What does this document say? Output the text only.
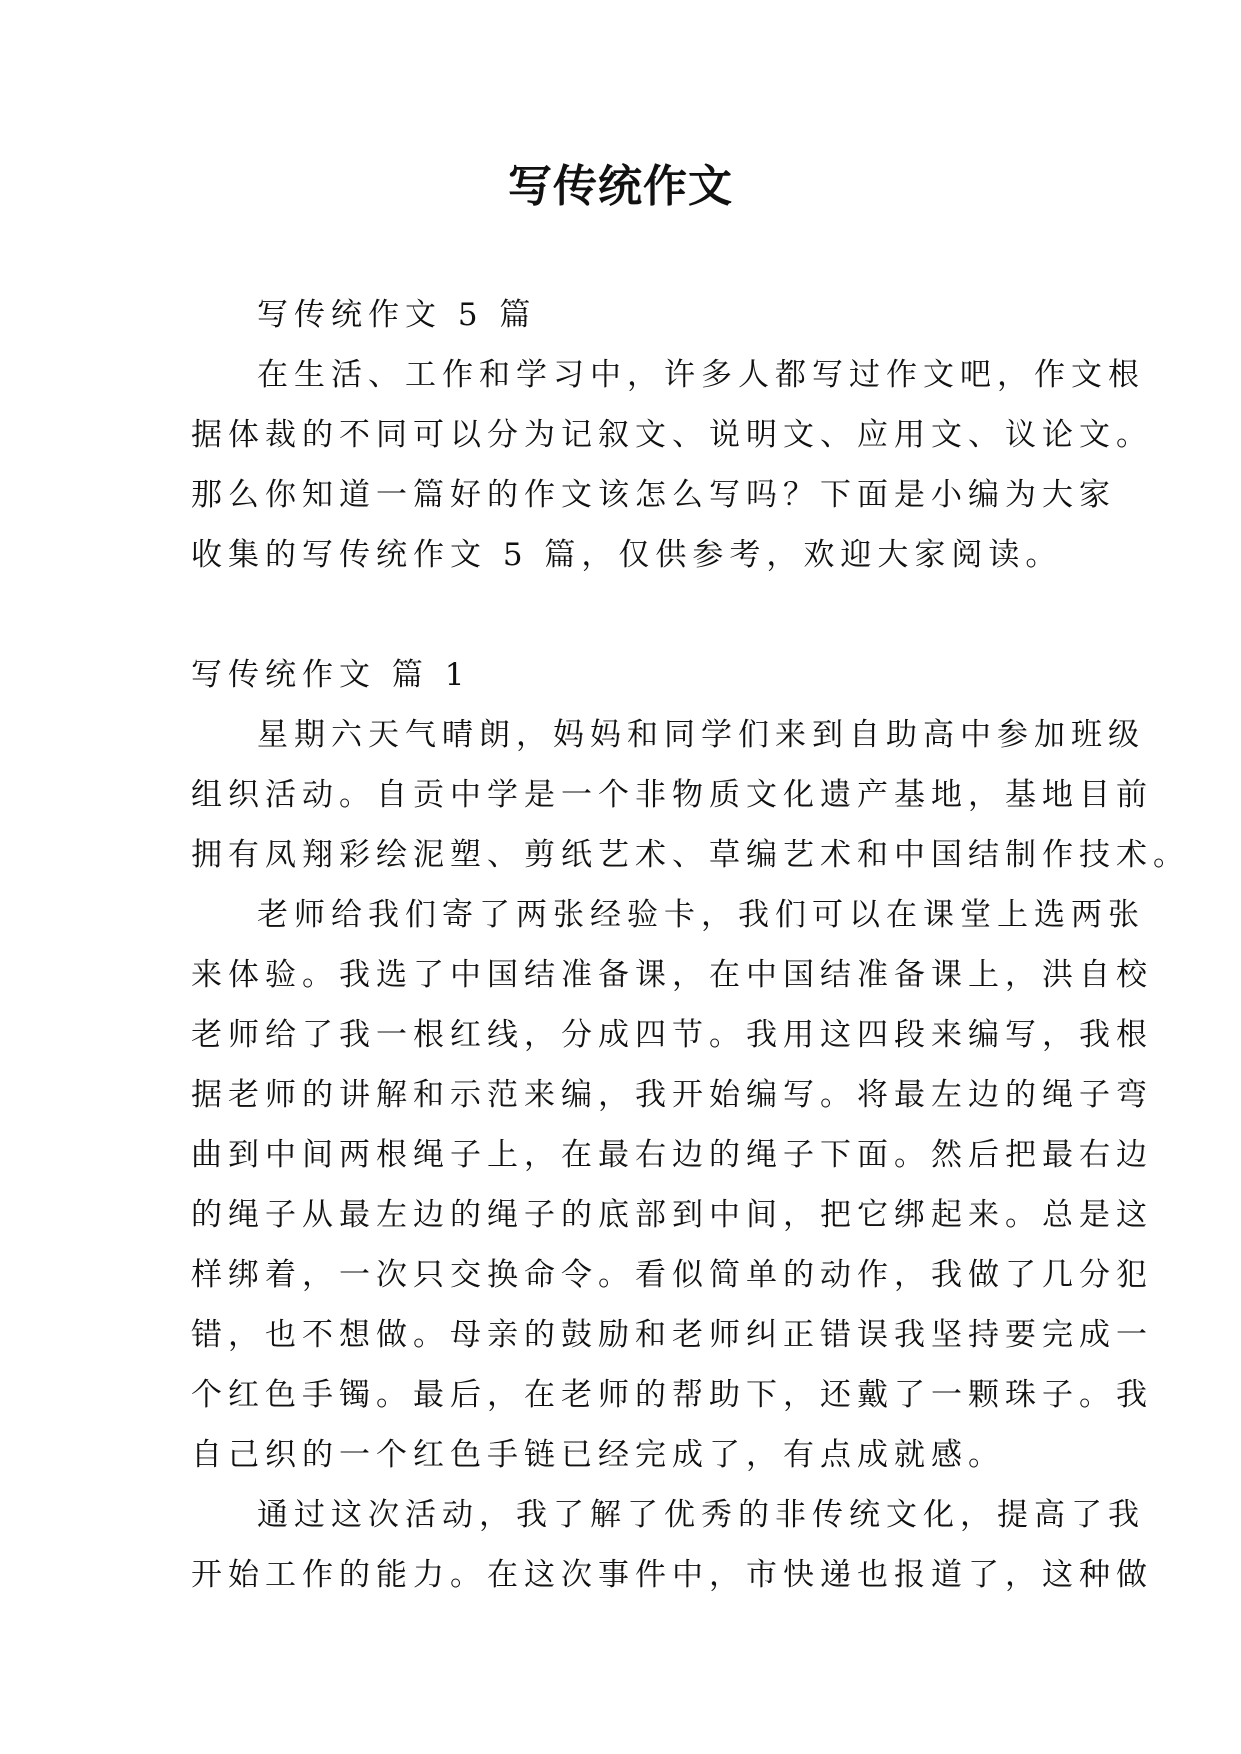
写传统作文

写传统作文 5 篇

在生活、工作和学习中，许多人都写过作文吧，作文根

据体裁的不同可以分为记叙文、说明文、应用文、议论文。

那么你知道一篇好的作文该怎么写吗？下面是小编为大家

收集的写传统作文 5 篇，仅供参考，欢迎大家阅读。

写传统作文 篇 1

星期六天气晴朗，妈妈和同学们来到自助高中参加班级

组织活动。自贡中学是一个非物质文化遗产基地，基地目前

拥有凤翔彩绘泥塑、剪纸艺术、草编艺术和中国结制作技术。

老师给我们寄了两张经验卡，我们可以在课堂上选两张

来体验。我选了中国结准备课，在中国结准备课上，洪自校

老师给了我一根红线，分成四节。我用这四段来编写，我根

据老师的讲解和示范来编，我开始编写。将最左边的绳子弯

曲到中间两根绳子上，在最右边的绳子下面。然后把最右边

的绳子从最左边的绳子的底部到中间，把它绑起来。总是这

样绑着，一次只交换命令。看似简单的动作，我做了几分犯

错，也不想做。母亲的鼓励和老师纠正错误我坚持要完成一

个红色手镯。最后，在老师的帮助下，还戴了一颗珠子。我

自己织的一个红色手链已经完成了，有点成就感。

通过这次活动，我了解了优秀的非传统文化，提高了我

开始工作的能力。在这次事件中，市快递也报道了，这种做
